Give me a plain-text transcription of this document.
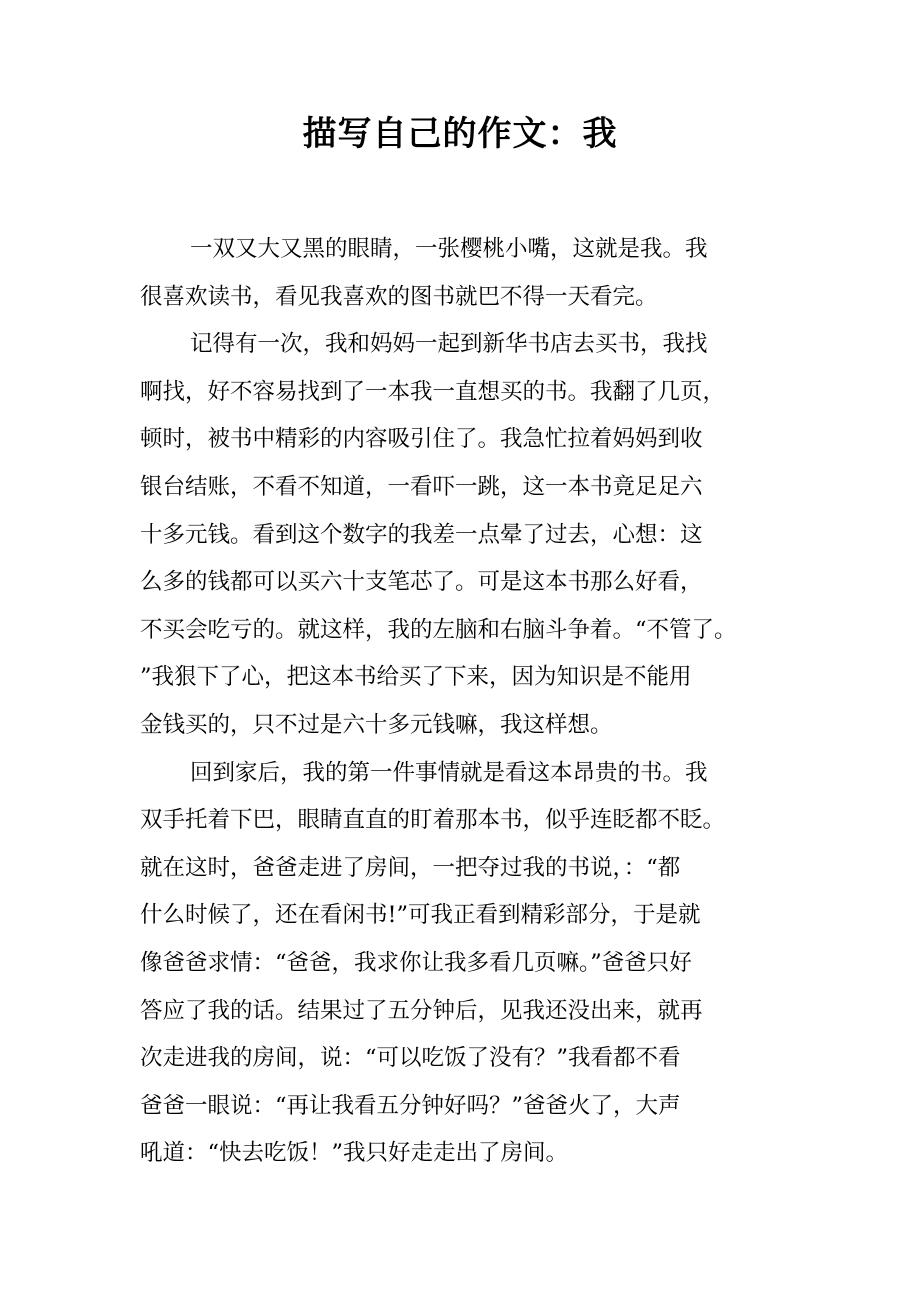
描写自己的作文：我
一双又大又黑的眼睛，一张樱桃小嘴，这就是我。我
很喜欢读书，看见我喜欢的图书就巴不得一天看完。
记得有一次，我和妈妈一起到新华书店去买书，我找
啊找，好不容易找到了一本我一直想买的书。我翻了几页，
顿时，被书中精彩的内容吸引住了。我急忙拉着妈妈到收
银台结账，不看不知道，一看吓一跳，这一本书竟足足六
十多元钱。看到这个数字的我差一点晕了过去，心想：这
么多的钱都可以买六十支笔芯了。可是这本书那么好看，
不买会吃亏的。就这样，我的左脑和右脑斗争着。“不管了。
”我狠下了心，把这本书给买了下来，因为知识是不能用
金钱买的，只不过是六十多元钱嘛，我这样想。
回到家后，我的第一件事情就是看这本昂贵的书。我
双手托着下巴，眼睛直直的盯着那本书，似乎连眨都不眨。
就在这时，爸爸走进了房间，一把夺过我的书说，：“都
什么时候了，还在看闲书!”可我正看到精彩部分，于是就
像爸爸求情：“爸爸，我求你让我多看几页嘛。”爸爸只好
答应了我的话。结果过了五分钟后，见我还没出来，就再
次走进我的房间，说：“可以吃饭了没有？”我看都不看
爸爸一眼说：“再让我看五分钟好吗？”爸爸火了，大声
吼道：“快去吃饭！”我只好走走出了房间。
